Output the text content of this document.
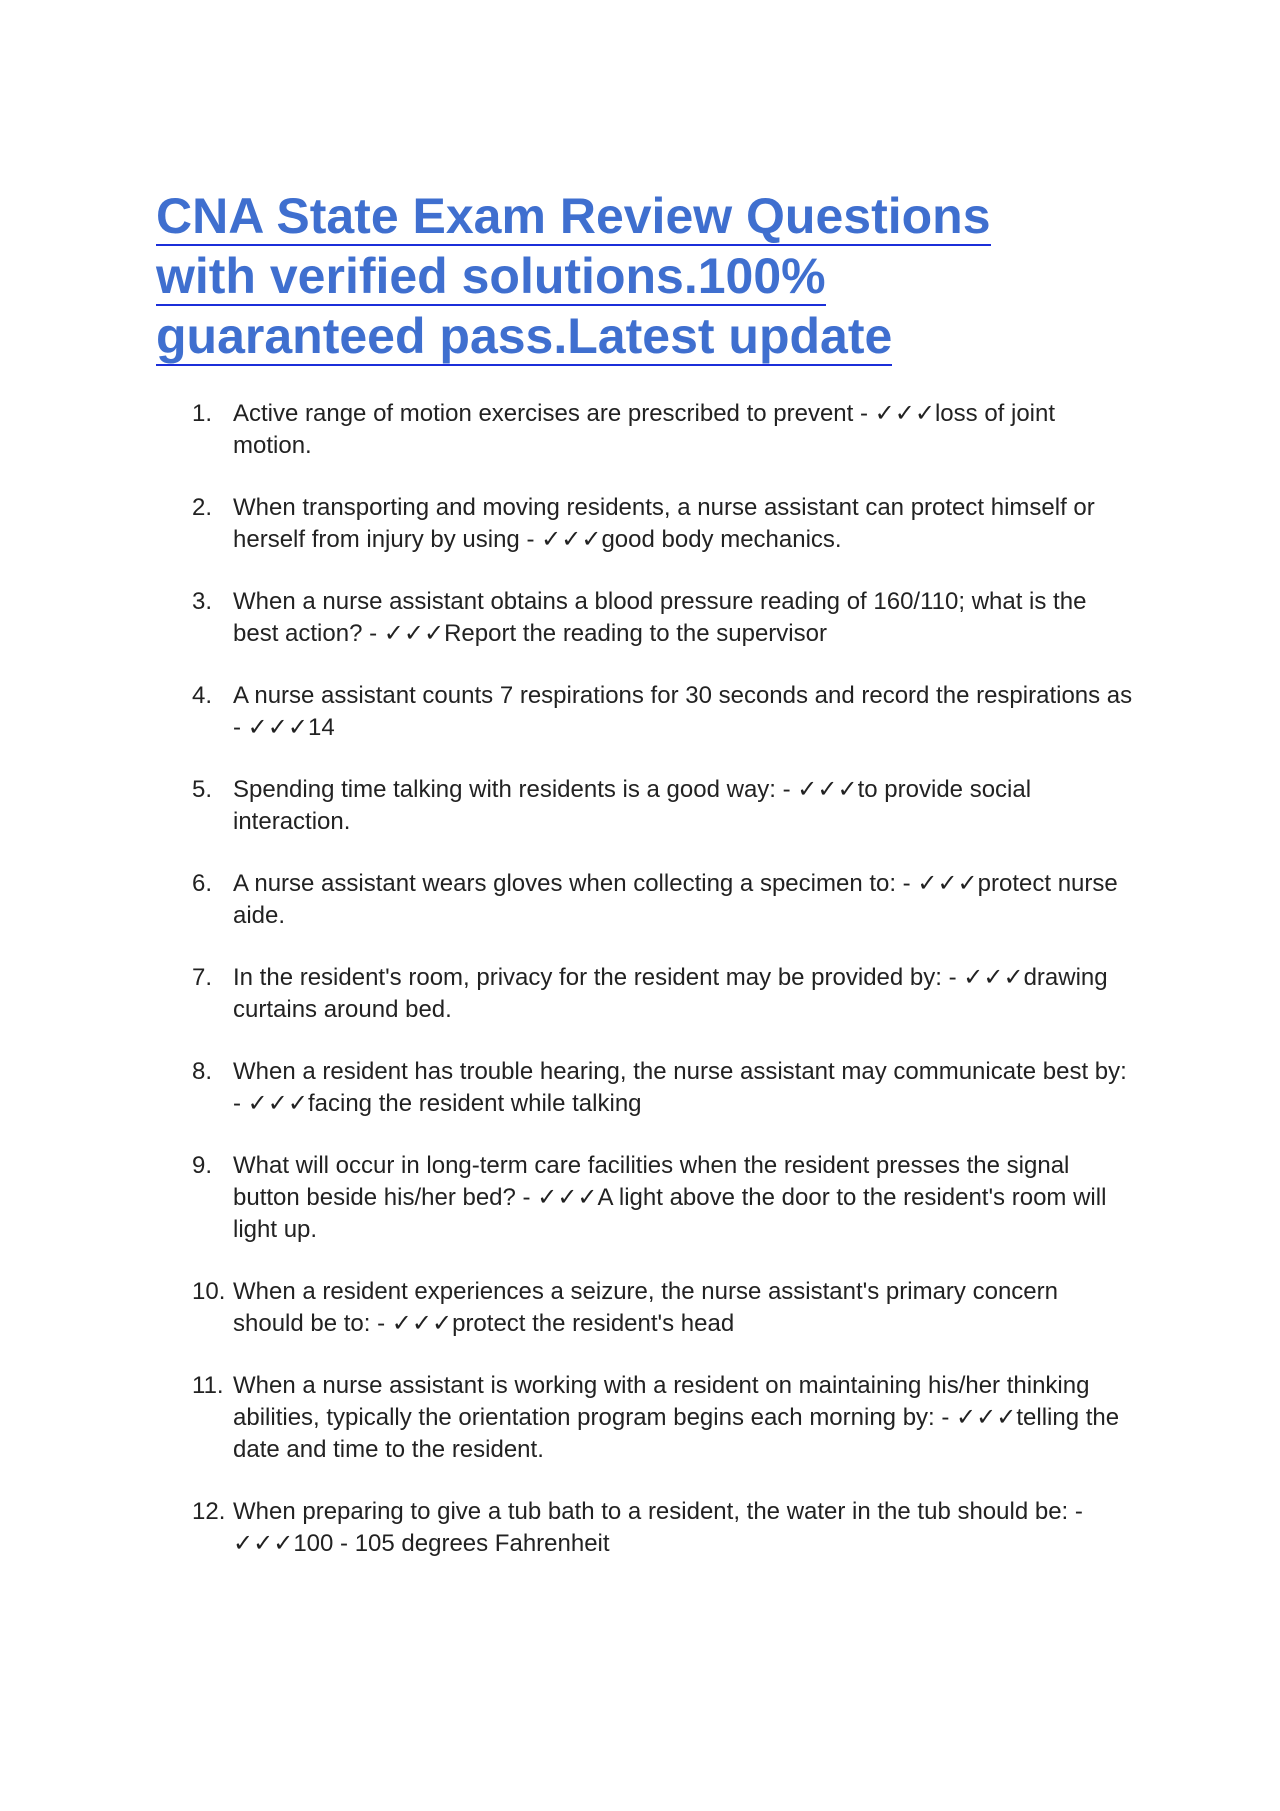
CNA State Exam Review Questions
with verified solutions.100%
guaranteed pass.Latest update
1. Active range of motion exercises are prescribed to prevent - ✓✓✓loss of joint motion.
2. When transporting and moving residents, a nurse assistant can protect himself or herself from injury by using - ✓✓✓good body mechanics.
3. When a nurse assistant obtains a blood pressure reading of 160/110; what is the best action? - ✓✓✓Report the reading to the supervisor
4. A nurse assistant counts 7 respirations for 30 seconds and record the respirations as - ✓✓✓14
5. Spending time talking with residents is a good way: - ✓✓✓to provide social interaction.
6. A nurse assistant wears gloves when collecting a specimen to: - ✓✓✓protect nurse aide.
7. In the resident's room, privacy for the resident may be provided by: - ✓✓✓drawing curtains around bed.
8. When a resident has trouble hearing, the nurse assistant may communicate best by: - ✓✓✓facing the resident while talking
9. What will occur in long-term care facilities when the resident presses the signal button beside his/her bed? - ✓✓✓A light above the door to the resident's room will light up.
10. When a resident experiences a seizure, the nurse assistant's primary concern should be to: - ✓✓✓protect the resident's head
11. When a nurse assistant is working with a resident on maintaining his/her thinking abilities, typically the orientation program begins each morning by: - ✓✓✓telling the date and time to the resident.
12. When preparing to give a tub bath to a resident, the water in the tub should be: - ✓✓✓100 - 105 degrees Fahrenheit
